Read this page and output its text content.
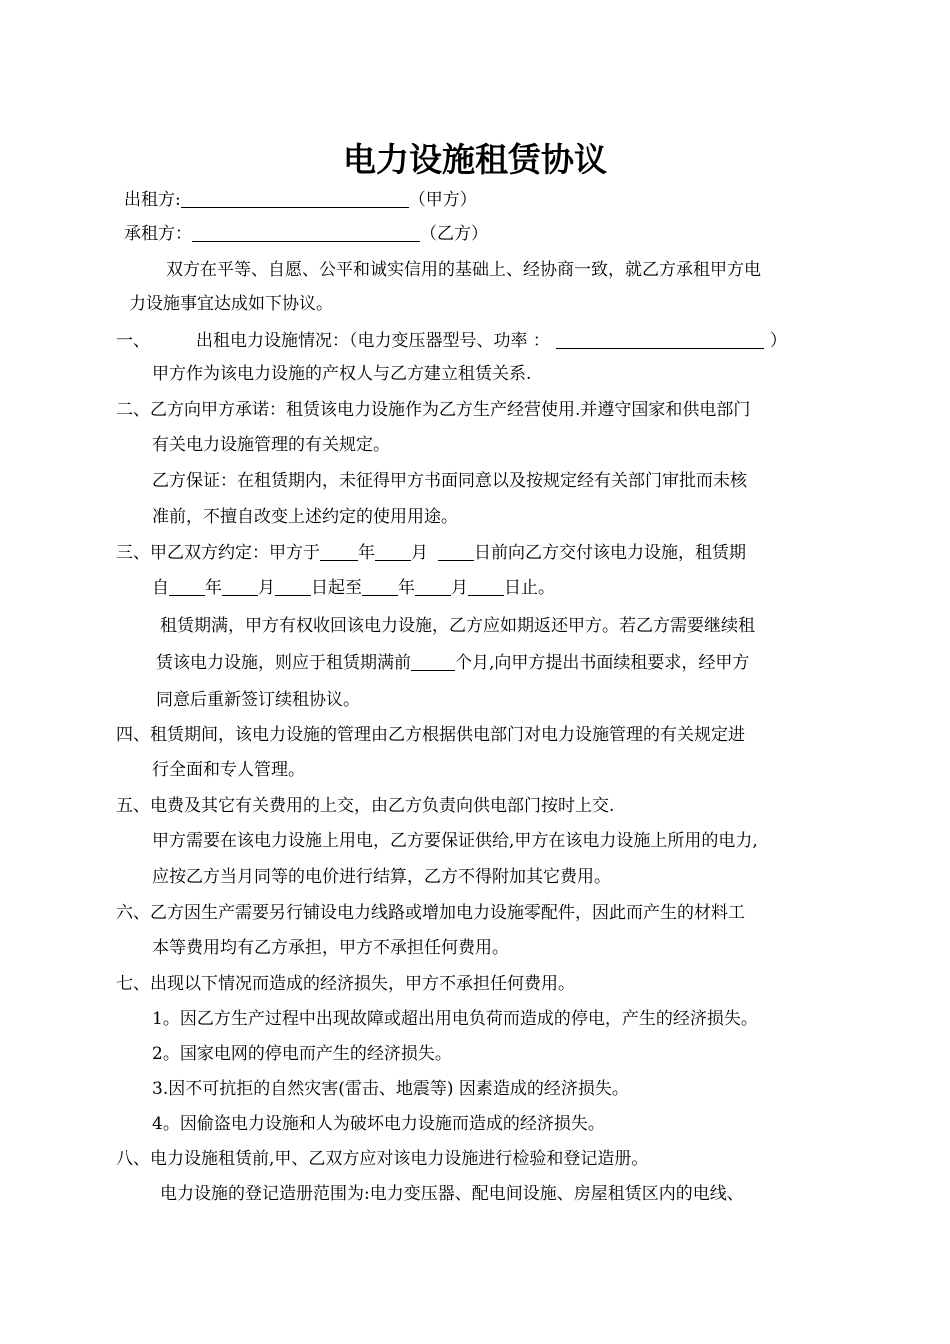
电力设施租赁协议
出租方:	（甲方）
承租方：	（乙方）
双方在平等、自愿、公平和诚实信用的基础上、经协商一致，就乙方承租甲方电
力设施事宜达成如下协议。
一、	出租电力设施情况：（电力变压器型号、功率 ：	）
甲方作为该电力设施的产权人与乙方建立租赁关系.
二、乙方向甲方承诺：租赁该电力设施作为乙方生产经营使用.并遵守国家和供电部门
有关电力设施管理的有关规定。
乙方保证：在租赁期内，未征得甲方书面同意以及按规定经有关部门审批而未核
准前，不擅自改变上述约定的使用用途。
三、甲乙双方约定：甲方于 年 月	日前向乙方交付该电力设施，租赁期
自 年 月 日起至 年 月 日止。
租赁期满，甲方有权收回该电力设施，乙方应如期返还甲方。若乙方需要继续租
赁该电力设施，则应于租赁期满前	个月,向甲方提出书面续租要求，经甲方
同意后重新签订续租协议。
四、租赁期间，该电力设施的管理由乙方根据供电部门对电力设施管理的有关规定进
行全面和专人管理。
五、电费及其它有关费用的上交，由乙方负责向供电部门按时上交.
甲方需要在该电力设施上用电，乙方要保证供给,甲方在该电力设施上所用的电力,
应按乙方当月同等的电价进行结算，乙方不得附加其它费用。
六、乙方因生产需要另行铺设电力线路或增加电力设施零配件，因此而产生的材料工
本等费用均有乙方承担，甲方不承担任何费用。
七、出现以下情况而造成的经济损失，甲方不承担任何费用。
1。因乙方生产过程中出现故障或超出用电负荷而造成的停电，产生的经济损失。
2。国家电网的停电而产生的经济损失。
3.因不可抗拒的自然灾害(雷击、地震等) 因素造成的经济损失。
4。因偷盗电力设施和人为破坏电力设施而造成的经济损失。
八、电力设施租赁前,甲、乙双方应对该电力设施进行检验和登记造册。
电力设施的登记造册范围为:电力变压器、配电间设施、房屋租赁区内的电线、
